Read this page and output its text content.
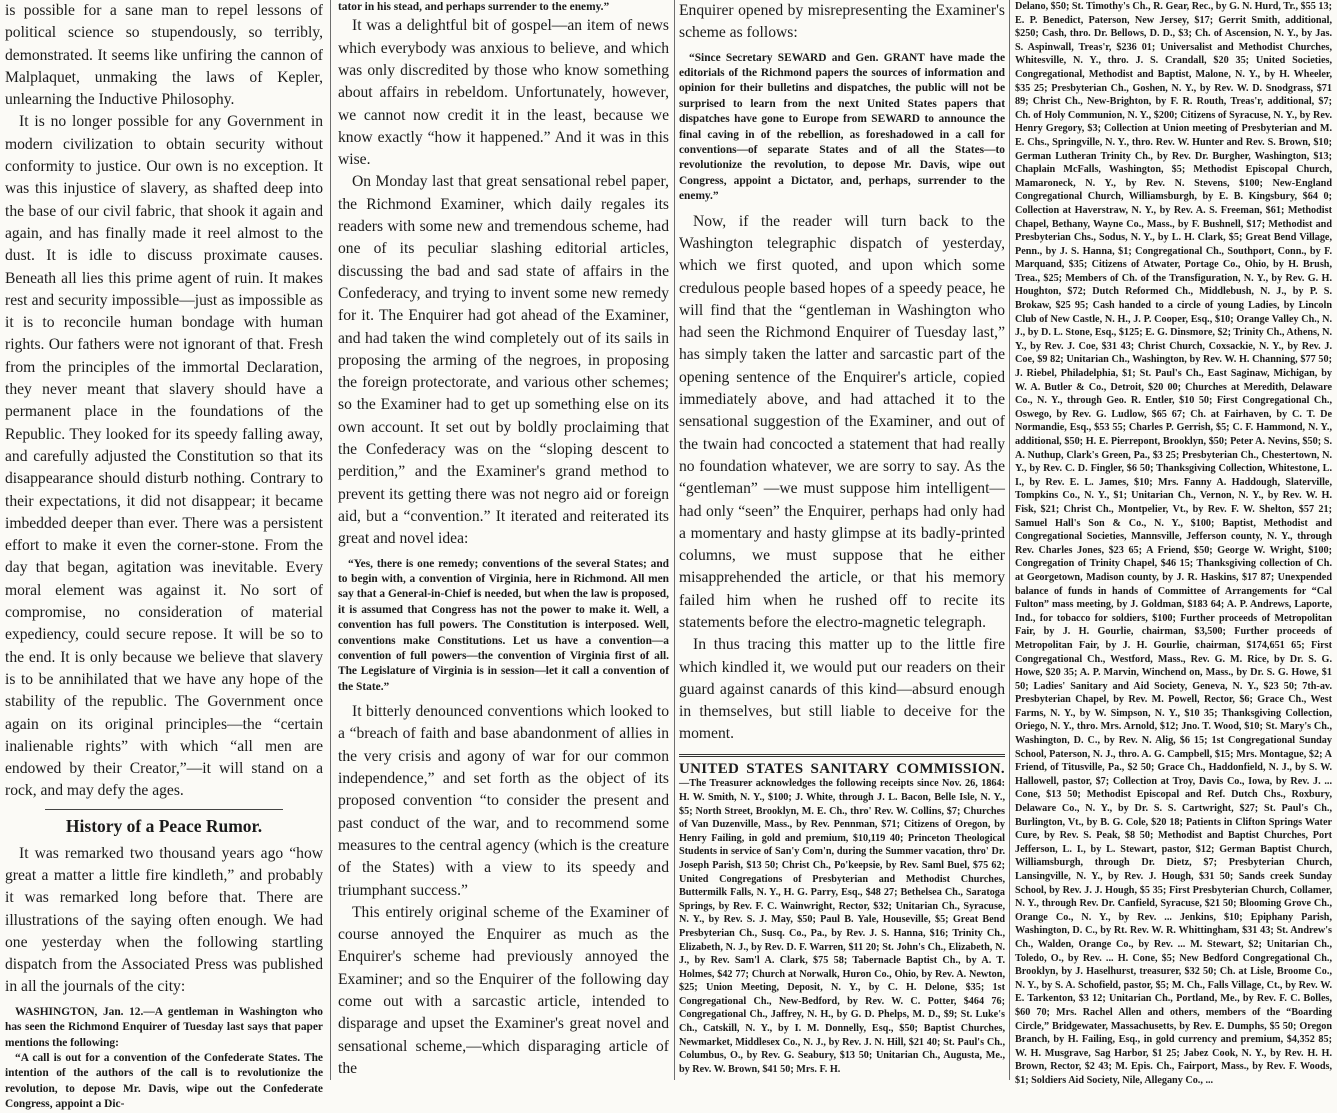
is possible for a sane man to repel lessons of political science so stupendously, so terribly, demonstrated. It seems like unfiring the cannon of Malplaquet, unmaking the laws of Kepler, unlearning the Inductive Philosophy.

It is no longer possible for any Government in modern civilization to obtain security without conformity to justice. Our own is no exception. It was this injustice of slavery, as shafted deep into the base of our civil fabric, that shook it again and again, and has finally made it reel almost to the dust. It is idle to discuss proximate causes. Beneath all lies this prime agent of ruin. It makes rest and security impossible—just as impossible as it is to reconcile human bondage with human rights. Our fathers were not ignorant of that. Fresh from the principles of the immortal Declaration, they never meant that slavery should have a permanent place in the foundations of the Republic. They looked for its speedy falling away, and carefully adjusted the Constitution so that its disappearance should disturb nothing. Contrary to their expectations, it did not disappear; it became imbedded deeper than ever. There was a persistent effort to make it even the corner-stone. From the day that began, agitation was inevitable. Every moral element was against it. No sort of compromise, no consideration of material expediency, could secure repose. It will be so to the end. It is only because we believe that slavery is to be annihilated that we have any hope of the stability of the republic. The Government once again on its original principles—the “certain inalienable rights” with which “all men are endowed by their Creator,”—it will stand on a rock, and may defy the ages.

History of a Peace Rumor.

It was remarked two thousand years ago “how great a matter a little fire kindleth,” and probably it was remarked long before that. There are illustrations of the saying often enough. We had one yesterday when the following startling dispatch from the Associated Press was published in all the journals of the city:

WASHINGTON, Jan. 12.—A gentleman in Washington who has seen the Richmond Enquirer of Tuesday last says that paper mentions the following:

“A call is out for a convention of the Confederate States. The intention of the authors of the call is to revolutionize the revolution, to depose Mr. Davis, wipe out the Confederate Congress, appoint a Dic-

tator in his stead, and perhaps surrender to the enemy.”

It was a delightful bit of gospel—an item of news which everybody was anxious to believe, and which was only discredited by those who know something about affairs in rebeldom. Unfortunately, however, we cannot now credit it in the least, because we know exactly “how it happened.” And it was in this wise.

On Monday last that great sensational rebel paper, the Richmond Examiner, which daily regales its readers with some new and tremendous scheme, had one of its peculiar slashing editorial articles, discussing the bad and sad state of affairs in the Confederacy, and trying to invent some new remedy for it. The Enquirer had got ahead of the Examiner, and had taken the wind completely out of its sails in proposing the arming of the negroes, in proposing the foreign protectorate, and various other schemes; so the Examiner had to get up something else on its own account. It set out by boldly proclaiming that the Confederacy was on the “sloping descent to perdition,” and the Examiner's grand method to prevent its getting there was not negro aid or foreign aid, but a “convention.” It iterated and reiterated its great and novel idea:

“Yes, there is one remedy; conventions of the several States; and to begin with, a convention of Virginia, here in Richmond. All men say that a General-in-Chief is needed, but when the law is proposed, it is assumed that Congress has not the power to make it. Well, a convention has full powers. The Constitution is interposed. Well, conventions make Constitutions. Let us have a convention—a convention of full powers—the convention of Virginia first of all. The Legislature of Virginia is in session—let it call a convention of the State.”

It bitterly denounced conventions which looked to a “breach of faith and base abandonment of allies in the very crisis and agony of war for our common independence,” and set forth as the object of its proposed convention “to consider the present and past conduct of the war, and to recommend some measures to the central agency (which is the creature of the States) with a view to its speedy and triumphant success.”

This entirely original scheme of the Examiner of course annoyed the Enquirer as much as the Enquirer's scheme had previously annoyed the Examiner; and so the Enquirer of the following day come out with a sarcastic article, intended to disparage and upset the Examiner's great novel and sensational scheme,—which disparaging article of the

Enquirer opened by misrepresenting the Examiner's scheme as follows:

“Since Secretary SEWARD and Gen. GRANT have made the editorials of the Richmond papers the sources of information and opinion for their bulletins and dispatches, the public will not be surprised to learn from the next United States papers that dispatches have gone to Europe from SEWARD to announce the final caving in of the rebellion, as foreshadowed in a call for conventions—of separate States and of all the States—to revolutionize the revolution, to depose Mr. Davis, wipe out Congress, appoint a Dictator, and, perhaps, surrender to the enemy.”

Now, if the reader will turn back to the Washington telegraphic dispatch of yesterday, which we first quoted, and upon which some credulous people based hopes of a speedy peace, he will find that the “gentleman in Washington who had seen the Richmond Enquirer of Tuesday last,” has simply taken the latter and sarcastic part of the opening sentence of the Enquirer's article, copied immediately above, and had attached it to the sensational suggestion of the Examiner, and out of the twain had concocted a statement that had really no foundation whatever, we are sorry to say. As the “gentleman” —we must suppose him intelligent—had only “seen” the Enquirer, perhaps had only had a momentary and hasty glimpse at its badly-printed columns, we must suppose that he either misapprehended the article, or that his memory failed him when he rushed off to recite its statements before the electro-magnetic telegraph.

In thus tracing this matter up to the little fire which kindled it, we would put our readers on their guard against canards of this kind—absurd enough in themselves, but still liable to deceive for the moment.

UNITED STATES SANITARY COMMISSION.—The Treasurer acknowledges the following receipts since Nov. 26, 1864: H. W. Smith, N. Y., $100; J. White, through J. L. Bacon, Belle Isle, N. Y., $5; North Street, Brooklyn, M. E. Ch., thro' Rev. W. Collins, $7; Churches of Van Duzenville, Mass., by Rev. Pennman, $71; Citizens of Oregon, by Henry Failing, in gold and premium, $10,119 40; Princeton Theological Students in service of San'y Com'n, during the Summer vacation, thro' Dr. Joseph Parish, $13 50; Christ Ch., Po'keepsie, by Rev. Saml Buel, $75 62; United Congregations of Presbyterian and Methodist Churches, Buttermilk Falls, N. Y., H. G. Parry, Esq., $48 27; Bethelsea Ch., Saratoga Springs, by Rev. F. C. Wainwright, Rector, $32; Unitarian Ch., Syracuse, N. Y., by Rev. S. J. May, $50; Paul B. Yale, Houseville, $5; Great Bend Presbyterian Ch., Susq. Co., Pa., by Rev. J. S. Hanna, $16; Trinity Ch., Elizabeth, N. J., by Rev. D. F. Warren, $11 20; St. John's Ch., Elizabeth, N. J., by Rev. Sam'l A. Clark, $75 58; Tabernacle Baptist Ch., by A. T. Holmes, $42 77; Church at Norwalk, Huron Co., Ohio, by Rev. A. Newton, $25; Union Meeting, Deposit, N. Y., by C. H. Delone, $35; 1st Congregational Ch., New-Bedford, by Rev. W. C. Potter, $464 76; Congregational Ch., Jaffrey, N. H., by G. D. Phelps, M. D., $9; St. Luke's Ch., Catskill, N. Y., by I. M. Donnelly, Esq., $50; Baptist Churches, Newmarket, Middlesex Co., N. J., by Rev. J. N. Hill, $21 40; St. Paul's Ch., Columbus, O., by Rev. G. Seabury, $13 50; Unitarian Ch., Augusta, Me., by Rev. W. Brown, $41 50; Mrs. F. H.

Delano, $50; St. Timothy's Ch., R. Gear, Rec., by G. N. Hurd, Tr., $55 13; E. P. Benedict, Paterson, New Jersey, $17; Gerrit Smith, additional, $250; Cash, thro. Dr. Bellows, D. D., $3; Ch. of Ascension, N. Y., by Jas. S. Aspinwall, Treas'r, $236 01; Universalist and Methodist Churches, Whitesville, N. Y., thro. J. S. Crandall, $20 35; United Societies, Congregational, Methodist and Baptist, Malone, N. Y., by H. Wheeler, $35 25; Presbyterian Ch., Goshen, N. Y., by Rev. W. D. Snodgrass, $71 89; Christ Ch., New-Brighton, by F. R. Routh, Treas'r, additional, $7; Ch. of Holy Communion, N. Y., $200; Citizens of Syracuse, N. Y., by Rev. Henry Gregory, $3; Collection at Union meeting of Presbyterian and M. E. Chs., Springville, N. Y., thro. Rev. W. Hunter and Rev. S. Brown, $10; German Lutheran Trinity Ch., by Rev. Dr. Burgher, Washington, $13; Chaplain McFalls, Washington, $5; Methodist Episcopal Church, Mamaroneck, N. Y., by Rev. N. Stevens, $100; New-England Congregational Church, Williamsburgh, by E. B. Kingsbury, $64 0; Collection at Haverstraw, N. Y., by Rev. A. S. Freeman, $61; Methodist Chapel, Bethany, Wayne Co., Mass., by F. Bushnell, $17; Methodist and Presbyterian Chs., Sodus, N. Y., by L. H. Clark, $5; Great Bend Village, Penn., by J. S. Hanna, $1; Congregational Ch., Southport, Conn., by F. Marquand, $35; Citizens of Atwater, Portage Co., Ohio, by H. Brush, Trea., $25; Members of Ch. of the Transfiguration, N. Y., by Rev. G. H. Houghton, $72; Dutch Reformed Ch., Middlebush, N. J., by P. S. Brokaw, $25 95; Cash handed to a circle of young Ladies, by Lincoln Club of New Castle, N. H., J. P. Cooper, Esq., $10; Orange Valley Ch., N. J., by D. L. Stone, Esq., $125; E. G. Dinsmore, $2; Trinity Ch., Athens, N. Y., by Rev. J. Coe, $31 43; Christ Church, Coxsackie, N. Y., by Rev. J. Coe, $9 82; Unitarian Ch., Washington, by Rev. W. H. Channing, $77 50; J. Riebel, Philadelphia, $1; St. Paul's Ch., East Saginaw, Michigan, by W. A. Butler & Co., Detroit, $20 00; Churches at Meredith, Delaware Co., N. Y., through Geo. R. Entler, $10 50; First Congregational Ch., Oswego, by Rev. G. Ludlow, $65 67; Ch. at Fairhaven, by C. T. De Normandie, Esq., $53 55; Charles P. Gerrish, $5; C. F. Hammond, N. Y., additional, $50; H. E. Pierrepont, Brooklyn, $50; Peter A. Nevins, $50; S. A. Nuthup, Clark's Green, Pa., $3 25; Presbyterian Ch., Chestertown, N. Y., by Rev. C. D. Fingler, $6 50; Thanksgiving Collection, Whitestone, L. I., by Rev. E. L. James, $10; Mrs. Fanny A. Haddough, Slaterville, Tompkins Co., N. Y., $1; Unitarian Ch., Vernon, N. Y., by Rev. W. H. Fisk, $21; Christ Ch., Montpelier, Vt., by Rev. F. W. Shelton, $57 21; Samuel Hall's Son & Co., N. Y., $100; Baptist, Methodist and Congregational Societies, Mannsville, Jefferson county, N. Y., through Rev. Charles Jones, $23 65; A Friend, $50; George W. Wright, $100; Congregation of Trinity Chapel, $46 15; Thanksgiving collection of Ch. at Georgetown, Madison county, by J. R. Haskins, $17 87; Unexpended balance of funds in hands of Committee of Arrangements for “Cal Fulton” mass meeting, by J. Goldman, $183 64; A. P. Andrews, Laporte, Ind., for tobacco for soldiers, $100; Further proceeds of Metropolitan Fair, by J. H. Gourlie, chairman, $3,500; Further proceeds of Metropolitan Fair, by J. H. Gourlie, chairman, $174,651 65; First Congregational Ch., Westford, Mass., Rev. G. M. Rice, by Dr. S. G. Howe, $20 35; A. P. Marvin, Winchend on, Mass., by Dr. S. G. Howe, $1 50; Ladies' Sanitary and Aid Society, Geneva, N. Y., $23 50; 7th-av. Presbyterian Chapel, by Rev. M. Powell, Rector, $6; Grace Ch., West Farms, N. Y., by W. Simpson, N. Y., $10 35; Thanksgiving Collection, Oriego, N. Y., thro. Mrs. Arnold, $12; Jno. T. Wood, $10; St. Mary's Ch., Washington, D. C., by Rev. N. Alig, $6 15; 1st Congregational Sunday School, Paterson, N. J., thro. A. G. Campbell, $15; Mrs. Montague, $2; A Friend, of Titusville, Pa., $2 50; Grace Ch., Haddonfield, N. J., by S. W. Hallowell, pastor, $7; Collection at Troy, Davis Co., Iowa, by Rev. J. ... Cone, $13 50; Methodist Episcopal and Ref. Dutch Chs., Roxbury, Delaware Co., N. Y., by Dr. S. S. Cartwright, $27; St. Paul's Ch., Burlington, Vt., by B. G. Cole, $20 18; Patients in Clifton Springs Water Cure, by Rev. S. Peak, $8 50; Methodist and Baptist Churches, Port Jefferson, L. I., by L. Stewart, pastor, $12; German Baptist Church, Williamsburgh, through Dr. Dietz, $7; Presbyterian Church, Lansingville, N. Y., by Rev. J. Hough, $31 50; Sands creek Sunday School, by Rev. J. J. Hough, $5 35; First Presbyterian Church, Collamer, N. Y., through Rev. Dr. Canfield, Syracuse, $21 50; Blooming Grove Ch., Orange Co., N. Y., by Rev. ... Jenkins, $10; Epiphany Parish, Washington, D. C., by Rt. Rev. W. R. Whittingham, $31 43; St. Andrew's Ch., Walden, Orange Co., by Rev. ... M. Stewart, $2; Unitarian Ch., Toledo, O., by Rev. ... H. Cone, $5; New Bedford Congregational Ch., Brooklyn, by J. Haselhurst, treasurer, $32 50; Ch. at Lisle, Broome Co., N. Y., by S. A. Schofield, pastor, $5; M. Ch., Falls Village, Ct., by Rev. W. E. Tarkenton, $3 12; Unitarian Ch., Portland, Me., by Rev. F. C. Bolles, $60 70; Mrs. Rachel Allen and others, members of the “Boarding Circle,” Bridgewater, Massachusetts, by Rev. E. Dumphs, $5 50; Oregon Branch, by H. Failing, Esq., in gold currency and premium, $4,352 85; W. H. Musgrave, Sag Harbor, $1 25; Jabez Cook, N. Y., by Rev. H. H. Brown, Rector, $2 43; M. Epis. Ch., Fairport, Mass., by Rev. F. Woods, $1; Soldiers Aid Society, Nile, Allegany Co., ...
